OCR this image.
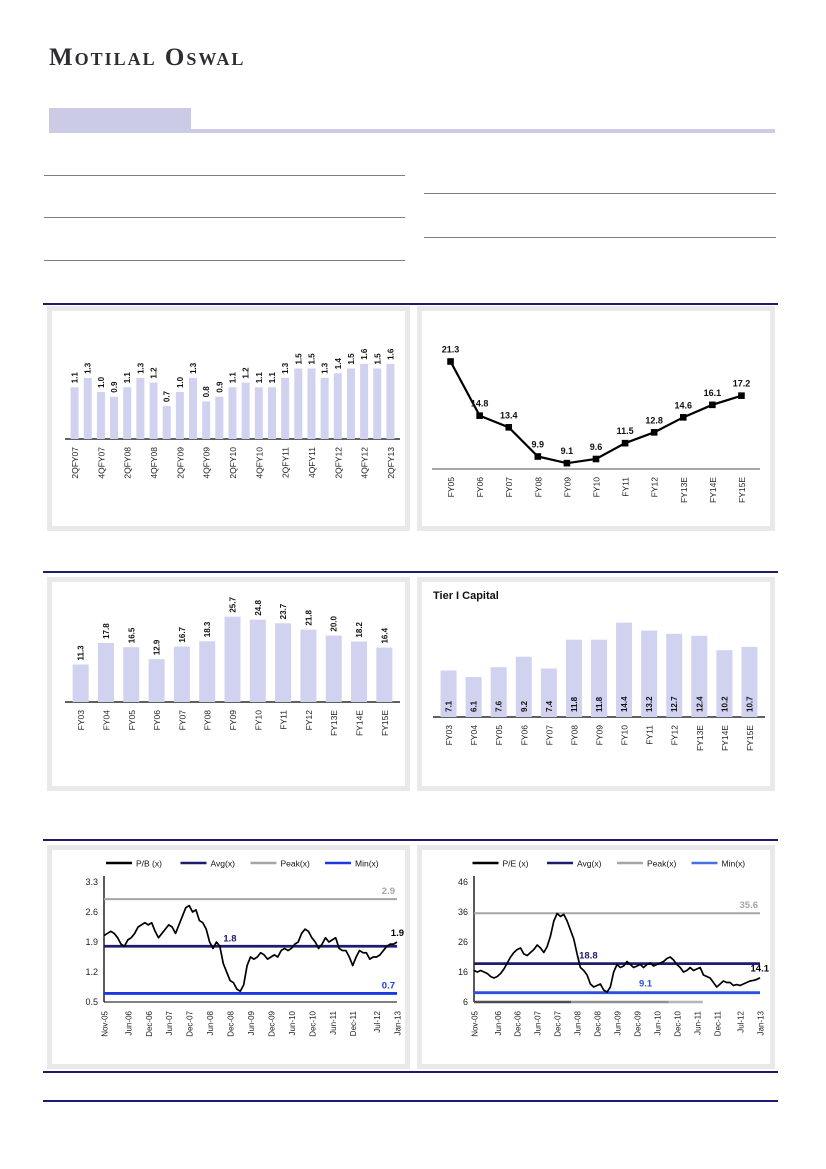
Motilal Oswal
1.1
1.3
1.0 0.9
1.1
1.3 1.2
0.7
1.0
1.3
0.8 0.9
1.1 1.2 1.1 1.1
1.3
1.5 1.5
1.3 1.4 1.5 1.6 1.5 1.6
2QFY07 4QFY07 2QFY08 4QFY08 2QFY09 4QFY09 2QFY10 4QFY10 2QFY11 4QFY11 2QFY12 4QFY12 2QFY13
21.3
14.8
13.4
9.9
9.1 9.6
11.5
12.8
14.6
16.1
17.2
FY05 FY06 FY07 FY08 FY09 FY10 FY11 FY12 FY13E FY14E FY15E
11.3
17.8 16.5
12.9
16.7 18.3
25.7 24.8 23.7 21.8 20.0 18.2 16.4
FY03 FY04 FY05 FY06 FY07 FY08 FY09 FY10 FY11 FY12 FY13E FY14E FY15E
Tier I Capital
7.1 6.1 7.6 9.2 7.4 11.8 11.8 14.4 13.2 12.7 12.4 10.2 10.7
FY03 FY04 FY05 FY06 FY07 FY08 FY09 FY10 FY11 FY12 FY13E FY14E FY15E
P/B (x)	Avg(x)	Peak(x)	Min(x)
3.3
2.6
1.9
1.2
0.5
2.9
1.8
0.7
1.9
Nov-05 Jun-06 Dec-06 Jun-07 Dec-07 Jun-08 Dec-08 Jun-09 Dec-09 Jun-10 Dec-10 Jun-11 Dec-11 Jul-12 Jan-13
P/E (x)	Avg(x)	Peak(x)	Min(x)
46
36
26
16
6
35.6
18.8
9.1
14.1
Nov-05 Jun-06 Dec-06 Jun-07 Dec-07 Jun-08 Dec-08 Jun-09 Dec-09 Jun-10 Dec-10 Jun-11 Dec-11 Jul-12 Jan-13
